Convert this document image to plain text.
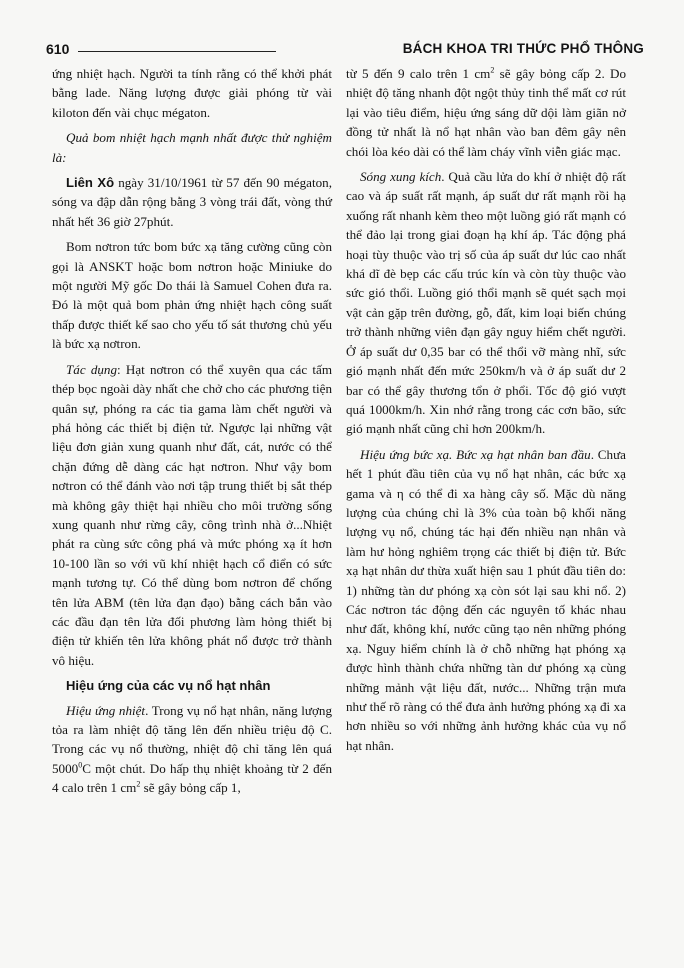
610	BÁCH KHOA TRI THỨC PHỔ THÔNG

ứng nhiệt hạch. Người ta tính rằng có thể khởi phát bằng lade. Năng lượng được giải phóng từ vài kiloton đến vài chục mégaton.

Quả bom nhiệt hạch mạnh nhất được thử nghiệm là:

Liên Xô ngày 31/10/1961 từ 57 đến 90 mégaton, sóng va đập dẫn rộng bằng 3 vòng trái đất, vòng thứ nhất hết 36 giờ 27phút.

Bom nơtron tức bom bức xạ tăng cường cũng còn gọi là ANSKT hoặc bom nơtron hoặc Miniuke do một người Mỹ gốc Do thái là Samuel Cohen đưa ra. Đó là một quả bom phản ứng nhiệt hạch công suất thấp được thiết kế sao cho yếu tố sát thương chủ yếu là bức xạ nơtron.

Tác dụng: Hạt nơtron có thể xuyên qua các tấm thép bọc ngoài dày nhất che chở cho các phương tiện quân sự, phóng ra các tia gama làm chết người và phá hỏng các thiết bị điện tử. Ngược lại những vật liệu đơn giản xung quanh như đất, cát, nước có thể chặn đứng dễ dàng các hạt nơtron. Như vậy bom nơtron có thể đánh vào nơi tập trung thiết bị sắt thép mà không gây thiệt hại nhiều cho môi trường sống xung quanh như rừng cây, công trình nhà ở...Nhiệt phát ra cùng sức công phá và mức phóng xạ ít hơn 10-100 lần so với vũ khí nhiệt hạch cổ điển có sức mạnh tương tự. Có thể dùng bom nơtron để chống tên lửa ABM (tên lửa đạn đạo) bằng cách bắn vào các đầu đạn tên lửa đối phương làm hỏng thiết bị điện tử khiến tên lửa không phát nổ được trở thành vô hiệu.

Hiệu ứng của các vụ nổ hạt nhân

Hiệu ứng nhiệt. Trong vụ nổ hạt nhân, năng lượng tỏa ra làm nhiệt độ tăng lên đến nhiều triệu độ C. Trong các vụ nổ thường, nhiệt độ chỉ tăng lên quá 5000$^0$C một chút. Do hấp thụ nhiệt khoảng từ 2 đến 4 calo trên 1 $cm^2$ sẽ gây bỏng cấp 1,

từ 5 đến 9 calo trên 1 $cm^2$ sẽ gây bỏng cấp 2. Do nhiệt độ tăng nhanh đột ngột thủy tinh thể mất cơ rút lại vào tiêu điểm, hiệu ứng sáng dữ dội làm giãn nở đồng tử nhất là nổ hạt nhân vào ban đêm gây nên chói lòa kéo dài có thể làm cháy vĩnh viễn giác mạc.

Sóng xung kích. Quả cầu lửa do khí ở nhiệt độ rất cao và áp suất rất mạnh, áp suất dư rất mạnh rồi hạ xuống rất nhanh kèm theo một luồng gió rất mạnh có thể đảo lại trong giai đoạn hạ khí áp. Tác động phá hoại tùy thuộc vào trị số của áp suất dư lúc cao nhất khá dĩ đè bẹp các cấu trúc kín và còn tùy thuộc vào sức gió thổi. Luồng gió thổi mạnh sẽ quét sạch mọi vật cản gặp trên đường, gỗ, đất, kim loại biến chúng trở thành những viên đạn gây nguy hiểm chết người. Ở áp suất dư 0,35 bar có thể thổi vỡ màng nhĩ, sức gió mạnh nhất đến mức 250km/h và ở áp suất dư 2 bar có thể gây thương tổn ở phổi. Tốc độ gió vượt quá 1000km/h. Xin nhớ rằng trong các cơn bão, sức gió mạnh nhất cũng chỉ hơn 200km/h.

Hiệu ứng bức xạ. Bức xạ hạt nhân ban đầu. Chưa hết 1 phút đầu tiên của vụ nổ hạt nhân, các bức xạ gama và η có thể đi xa hàng cây số. Mặc dù năng lượng của chúng chỉ là 3% của toàn bộ khối năng lượng vụ nổ, chúng tác hại đến nhiều nạn nhân và làm hư hỏng nghiêm trọng các thiết bị điện tử. Bức xạ hạt nhân dư thừa xuất hiện sau 1 phút đầu tiên do: 1) những tàn dư phóng xạ còn sót lại sau khi nổ. 2) Các nơtron tác động đến các nguyên tố khác nhau như đất, không khí, nước cũng tạo nên những phóng xạ. Nguy hiểm chính là ở chỗ những hạt phóng xạ được hình thành chứa những tàn dư phóng xạ cùng những mảnh vật liệu đất, nước... Những trận mưa như thế rõ ràng có thể đưa ảnh hưởng phóng xạ đi xa hơn nhiều so với những ảnh hưởng khác của vụ nổ hạt nhân.
